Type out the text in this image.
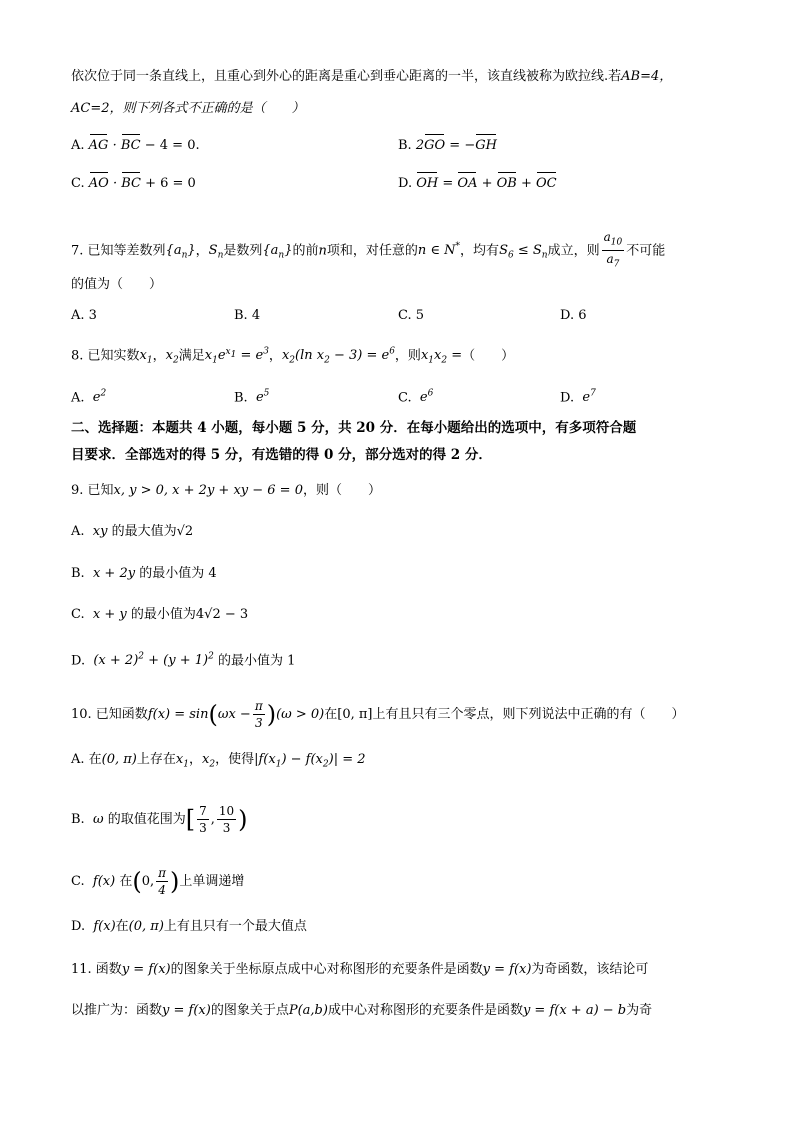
依次位于同一条直线上，且重心到外心的距离是重心到垂心距离的一半，该直线被称为欧拉线.若AB=4，
AC=2，则下列各式不正确的是（　　）
A. AG · BC − 4 = 0.	B. 2GO = −GH
C. AO · BC + 6 = 0	D. OH = OA + OB + OC
7. 已知等差数列$\{a_n\}$，$S_n$是数列$\{a_n\}$的前n项和，对任意的n ∈ N*，均有$S_6 \le S_n$成立，则 $\frac{a_{10}}{a_7}$ 不可能
的值为（　　）
A. 3	B. 4	C. 5	D. 6
8. 已知实数$x_1$，$x_2$满足$x_1e^{x_1} = e^3$，$x_2(\ln$ $x_2 - 3) = e^6$，则$x_1x_2$ =（　　）
A. $e^2$	B. $e^5$	C. $e^6$	D. $e^7$
二、选择题：本题共 4 小题，每小题 5 分，共 20 分．在每小题给出的选项中，有多项符合题
目要求．全部选对的得 5 分，有选错的得 0 分，部分选对的得 2 分．
9. 已知x, y > 0, x + 2y + xy − 6 = 0，则（　　）
A.  xy 的最大值为√2
B.  x + 2y 的最小值为 4
C.  x + y 的最小值为4√2 − 3
D.  $(x + 2)^2 + (y + 1)^2$ 的最小值为 1
10. 已知函数$f(x) = \sin(\omega x - \frac{\pi}{3} )(\omega > 0)$在[0, π]上有且只有三个零点，则下列说法中正确的有（　　）
A. 在(0, π)上存在$x_1$，$x_2$，使得$|f(x_1) - f(x_2)| = 2$
B.  ω 的取值花围为[ $\frac{7}{3}$ , $\frac{10}{3}$ )
C.  f(x) 在(0, $\frac{\pi}{4}$ )上单调递增
D.  f(x)在(0, π)上有且只有一个最大值点
11. 函数y = f(x)的图象关于坐标原点成中心对称图形的充要条件是函数y = f(x)为奇函数，该结论可
以推广为：函数y = f(x)的图象关于点P(a,b)成中心对称图形的充要条件是函数y = f(x + a) − b为奇
